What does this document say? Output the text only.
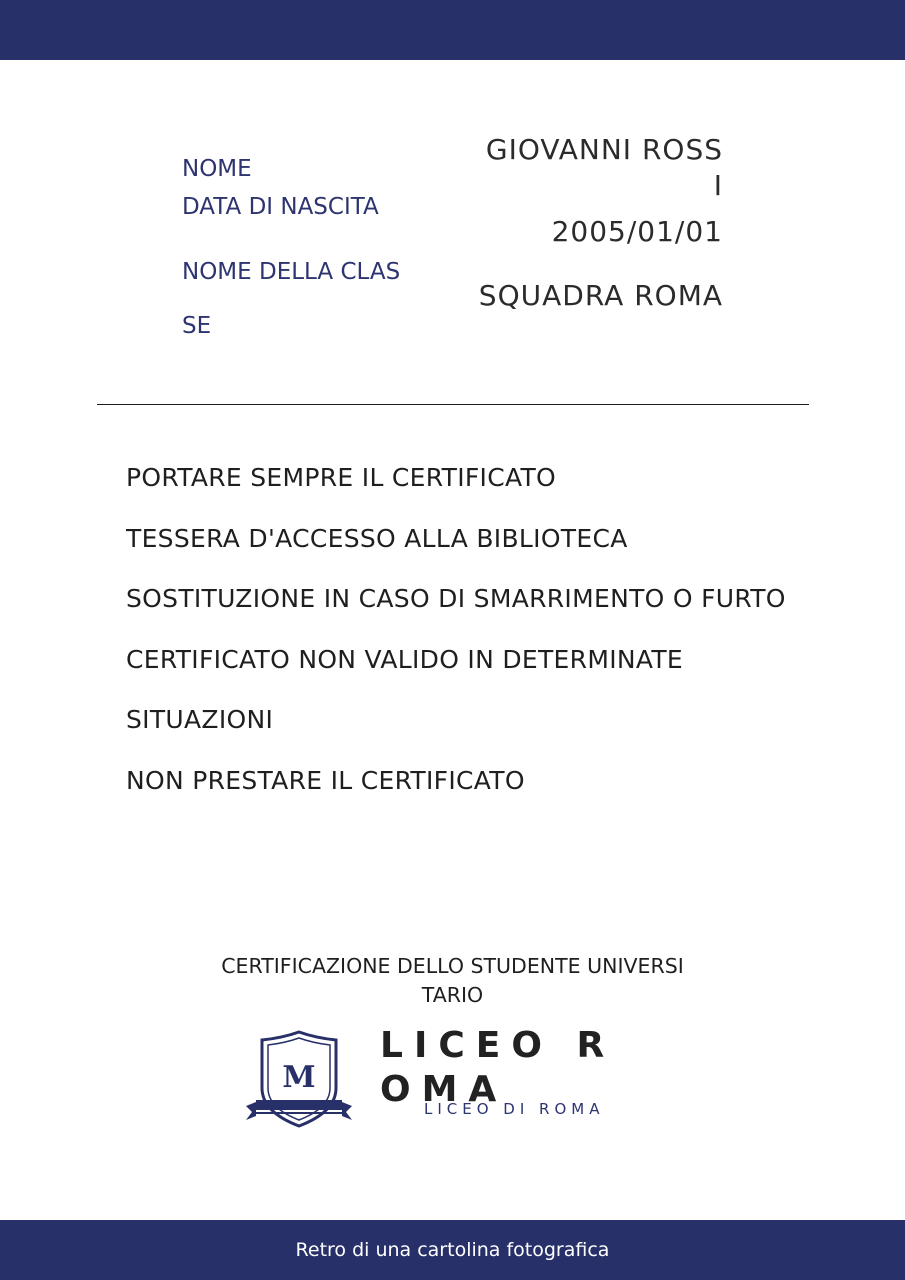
NOME
DATA DI NASCITA
NOME DELLA CLASSE
GIOVANNI ROSSI
2005/01/01
SQUADRA ROMA
PORTARE SEMPRE IL CERTIFICATO
TESSERA D'ACCESSO ALLA BIBLIOTECA
SOSTITUZIONE IN CASO DI SMARRIMENTO O FURTO
CERTIFICATO NON VALIDO IN DETERMINATE SITUAZIONI
NON PRESTARE IL CERTIFICATO
CERTIFICAZIONE DELLO STUDENTE UNIVERSITARIO
M
LICEO ROMA
LICEO DI ROMA
Retro di una cartolina fotografica
